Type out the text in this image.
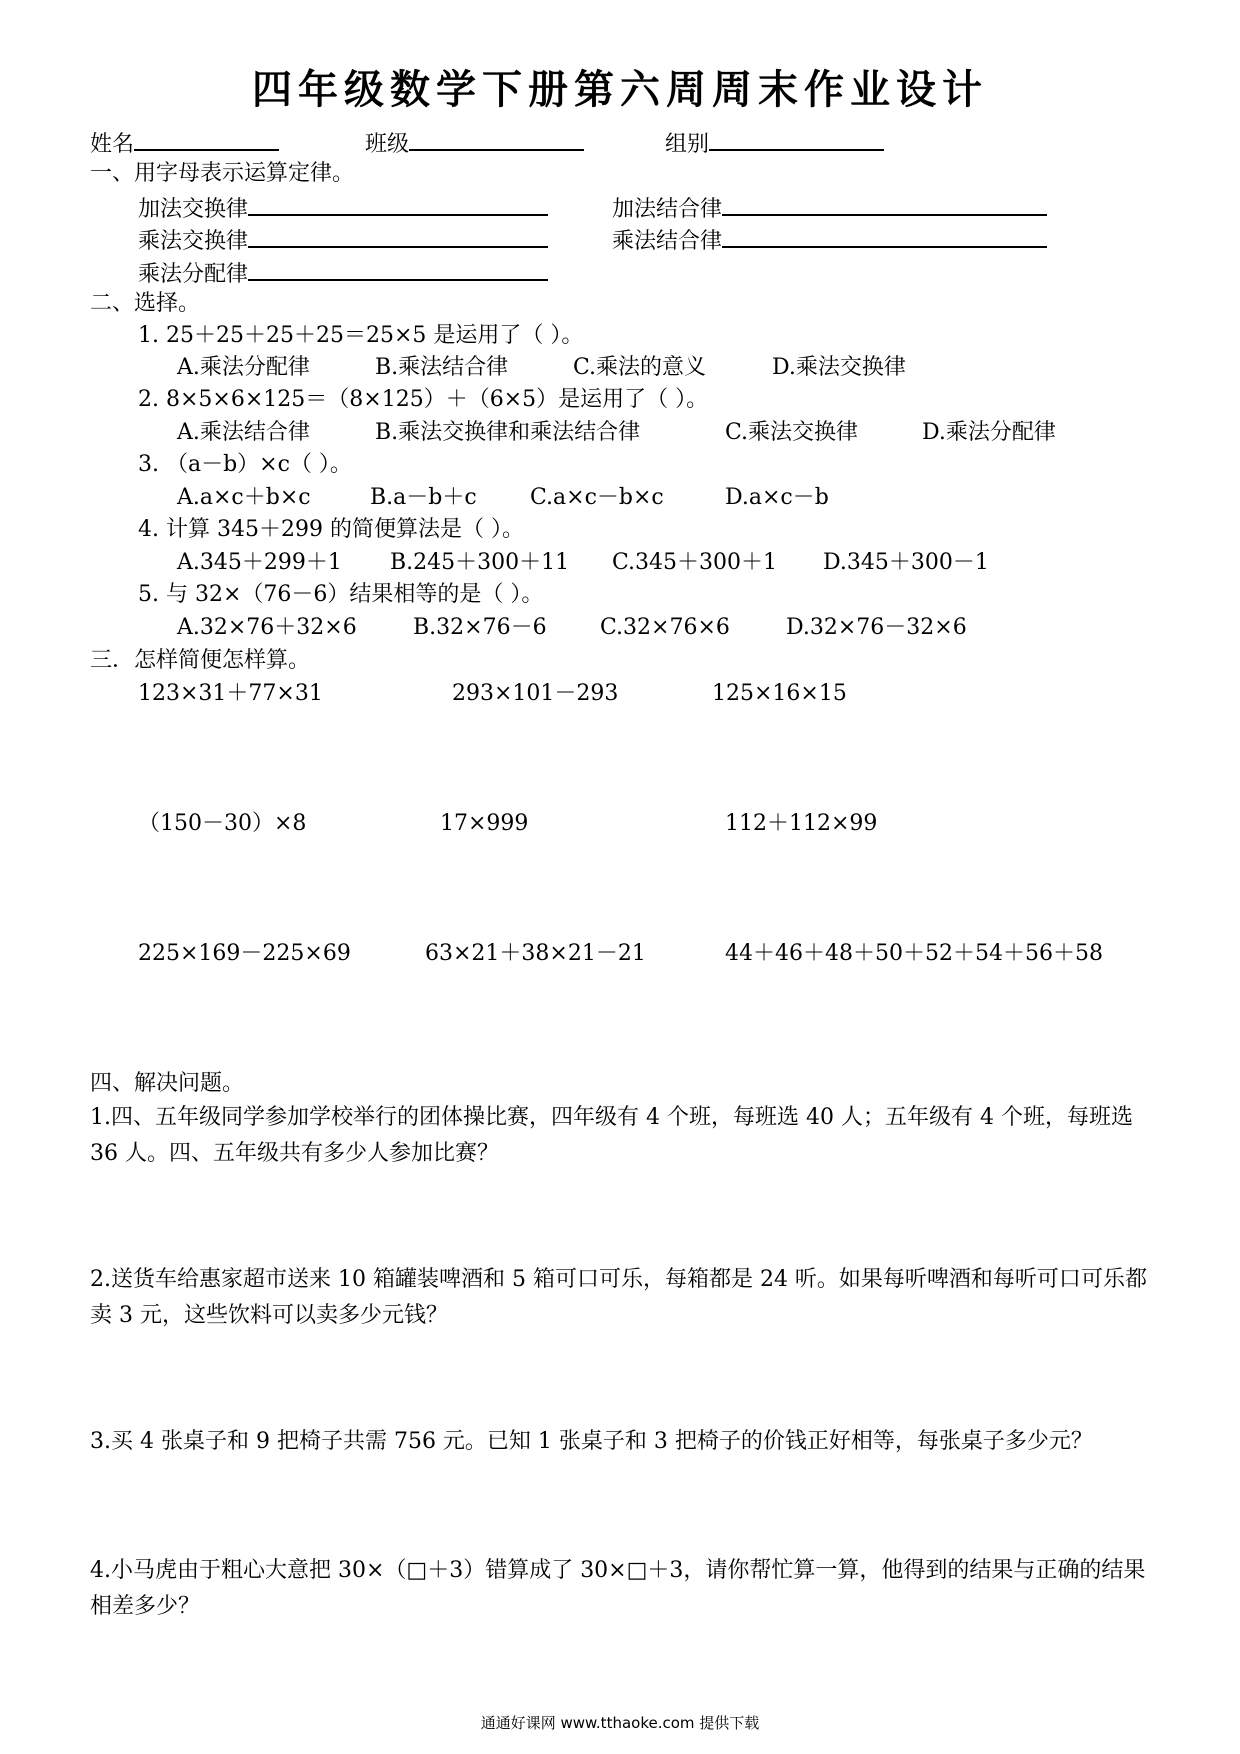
四年级数学下册第六周周末作业设计
姓名	班级	组别
一、用字母表示运算定律。
加法交换律	加法结合律
乘法交换律	乘法结合律
乘法分配律
二、选择。
1. 25＋25＋25＋25＝25×5 是运用了（ ）。
A.乘法分配律	B.乘法结合律	C.乘法的意义	D.乘法交换律
2. 8×5×6×125＝（8×125）＋（6×5）是运用了（ ）。
A.乘法结合律	B.乘法交换律和乘法结合律	C.乘法交换律	D.乘法分配律
3. （a－b）×c（ ）。
A.a×c＋b×c	B.a－b＋c C.a×c－b×c	D.a×c－b
4. 计算 345＋299 的简便算法是（ ）。
A.345＋299＋1 B.245＋300＋11 C.345＋300＋1 D.345＋300－1
5. 与 32×（76－6）结果相等的是（ ）。
A.32×76＋32×6	B.32×76－6 C.32×76×6	D.32×76－32×6
三．怎样简便怎样算。
123×31＋77×31	293×101－293	125×16×15
（150－30）×8	17×999	112＋112×99
225×169－225×69	63×21＋38×21－21	44＋46＋48＋50＋52＋54＋56＋58
四、解决问题。
1.四、五年级同学参加学校举行的团体操比赛，四年级有 4 个班，每班选 40 人；五年级有 4 个班，每班选 36 人。四、五年级共有多少人参加比赛？
2.送货车给惠家超市送来 10 箱罐装啤酒和 5 箱可口可乐，每箱都是 24 听。如果每听啤酒和每听可口可乐都卖 3 元，这些饮料可以卖多少元钱？
3.买 4 张桌子和 9 把椅子共需 756 元。已知 1 张桌子和 3 把椅子的价钱正好相等，每张桌子多少元？
4.小马虎由于粗心大意把 30×（□＋3）错算成了 30×□＋3，请你帮忙算一算，他得到的结果与正确的结果相差多少？
通通好课网 www.tthaoke.com 提供下载
